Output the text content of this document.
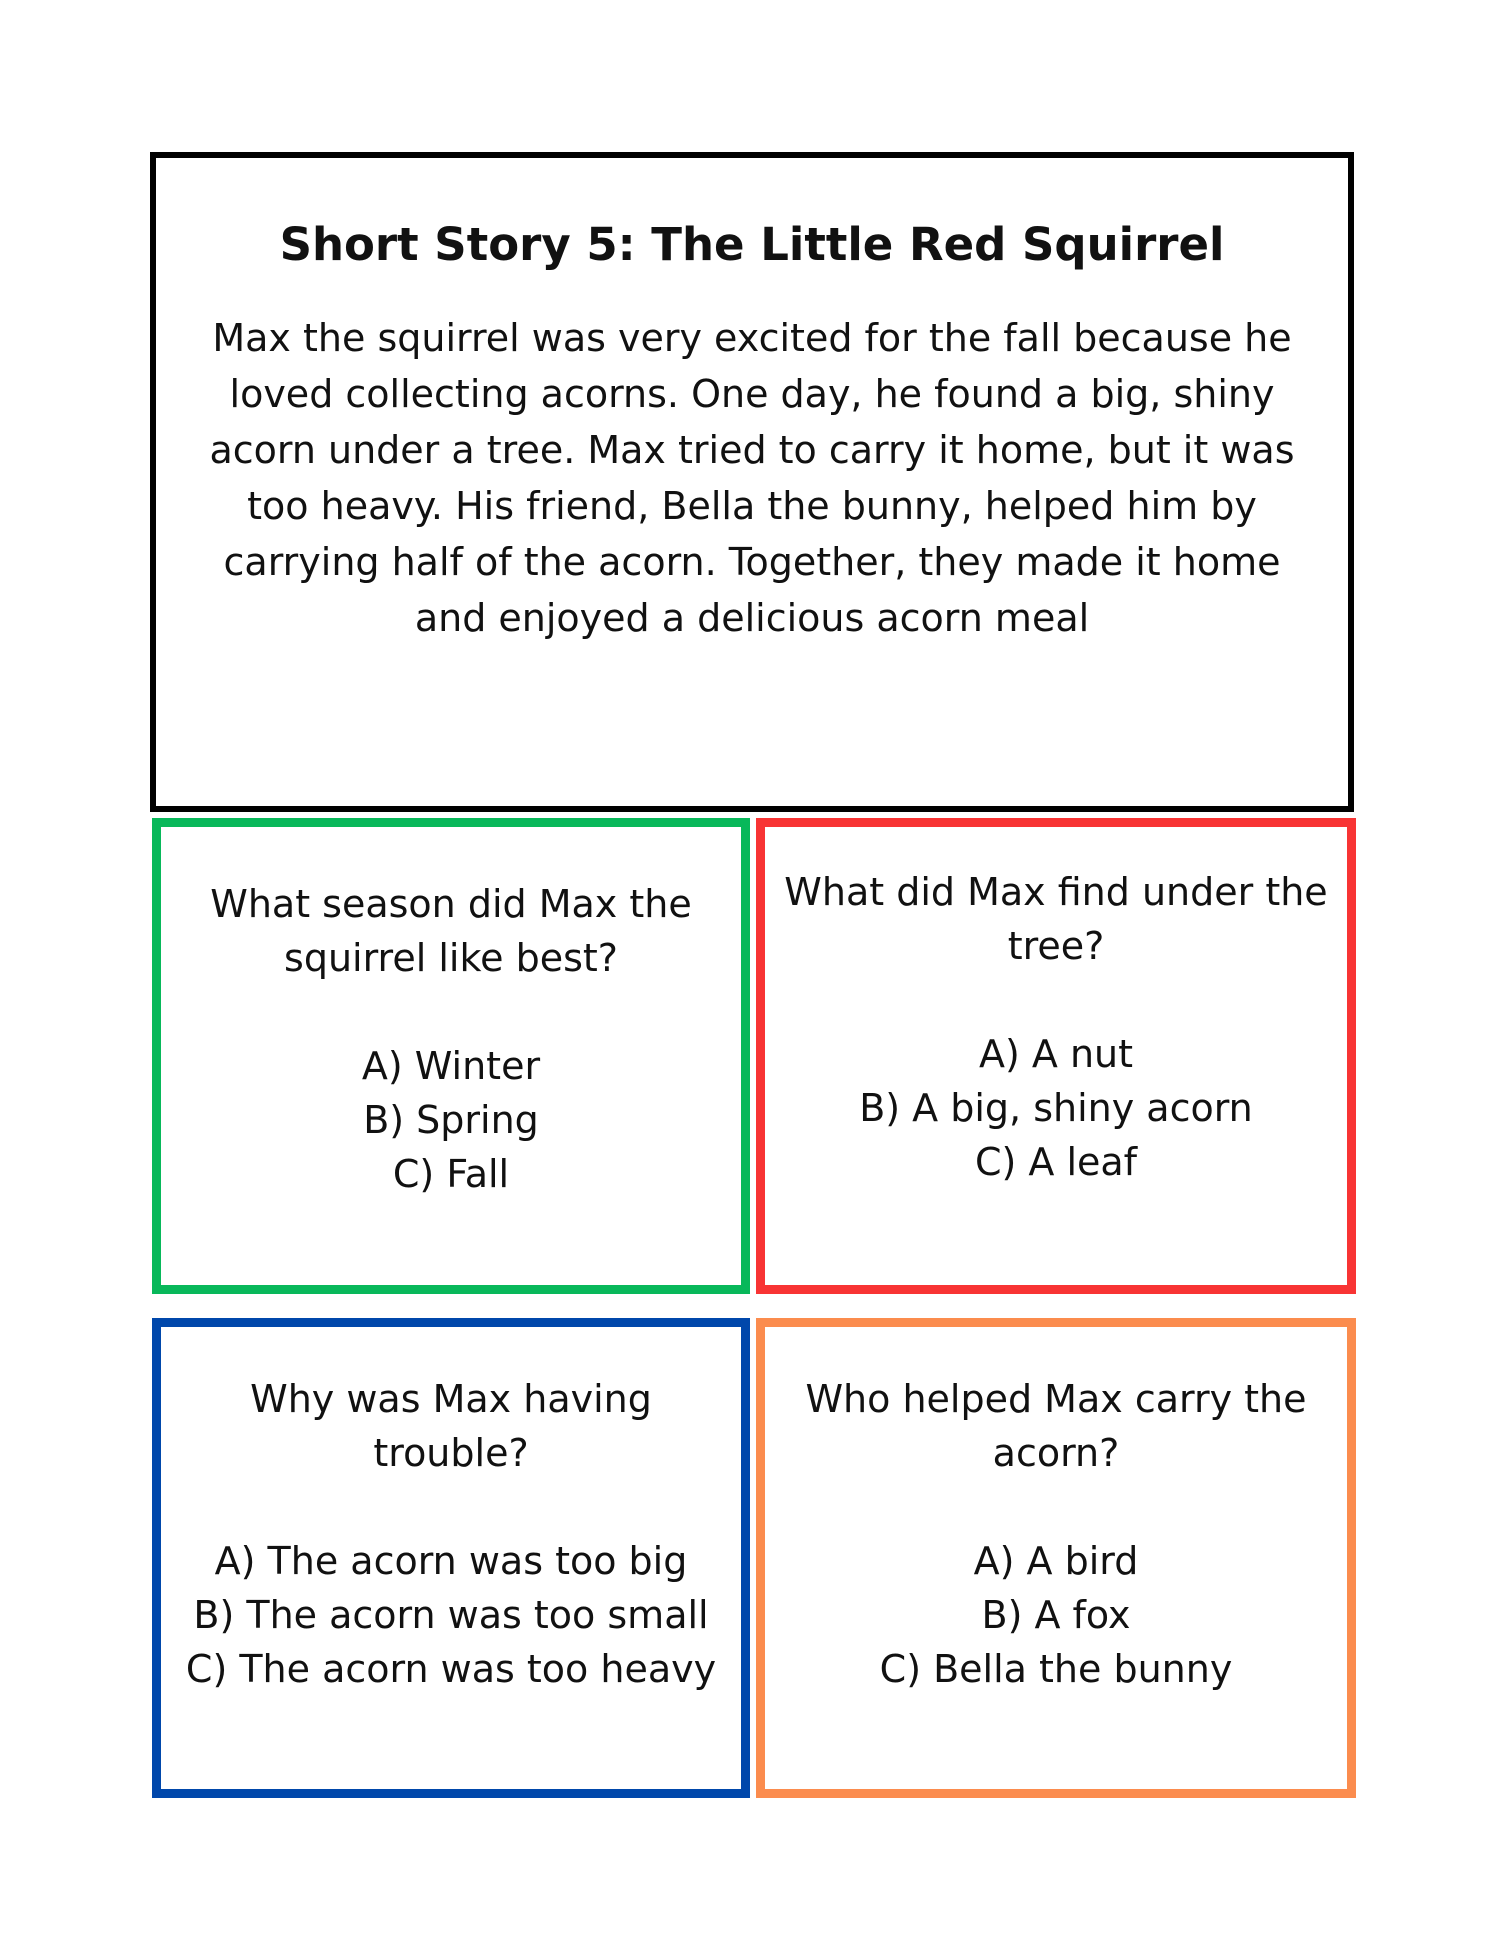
Short Story 5: The Little Red Squirrel
Max the squirrel was very excited for the fall because he loved collecting acorns. One day, he found a big, shiny acorn under a tree. Max tried to carry it home, but it was too heavy. His friend, Bella the bunny, helped him by carrying half of the acorn. Together, they made it home and enjoyed a delicious acorn meal
What season did Max the squirrel like best?
A) Winter
B) Spring
C) Fall
What did Max find under the tree?
A) A nut
B) A big, shiny acorn
C) A leaf
Why was Max having trouble?
A) The acorn was too big
B) The acorn was too small
C) The acorn was too heavy
Who helped Max carry the acorn?
A) A bird
B) A fox
C) Bella the bunny
